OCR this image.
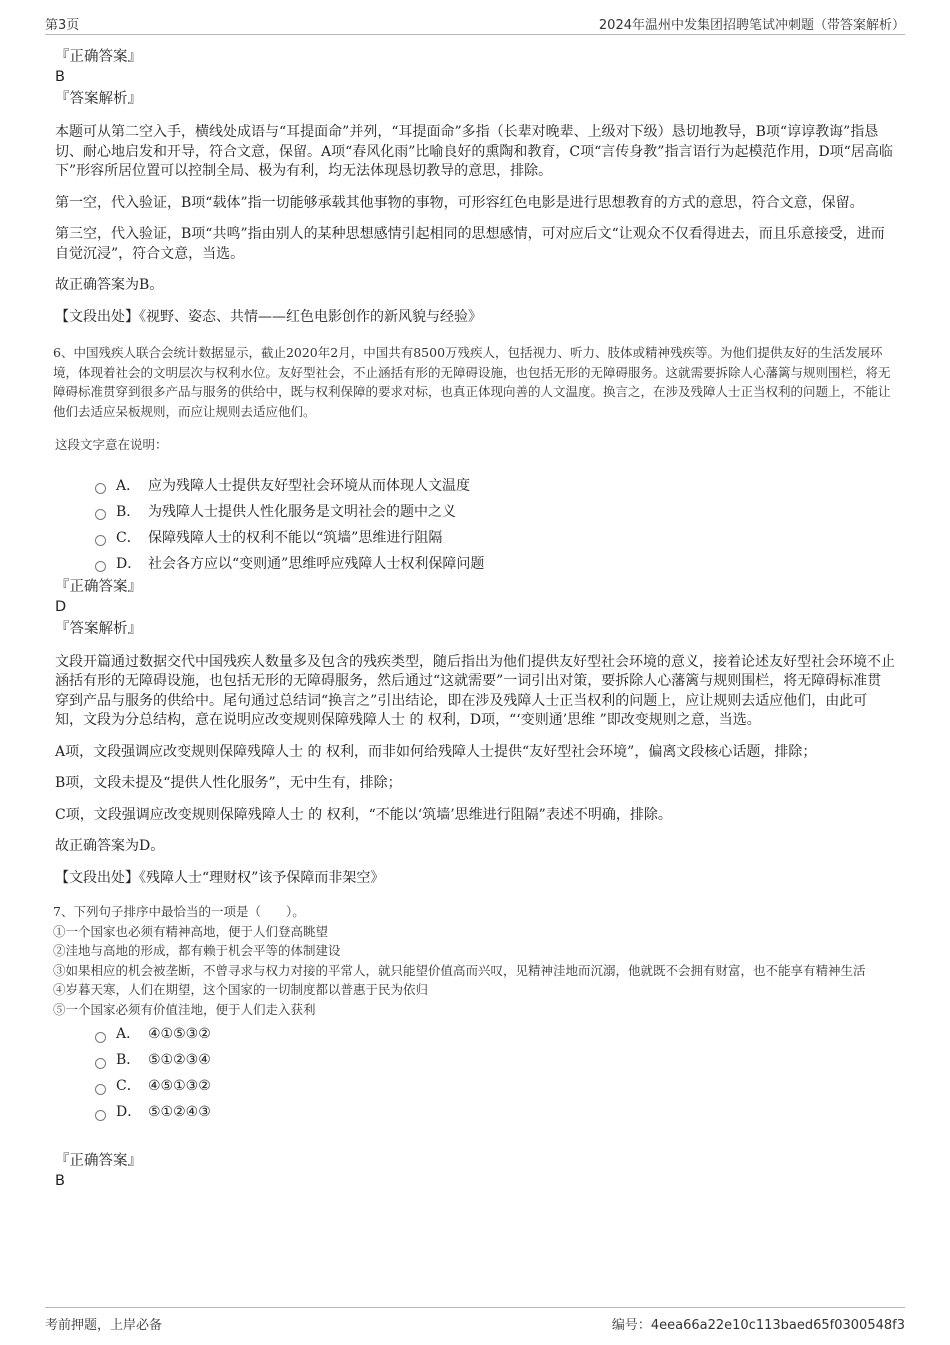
第3页	2024年温州中发集团招聘笔试冲刺题（带答案解析）
『正确答案』
B
『答案解析』

本题可从第二空入手，横线处成语与“耳提面命”并列，“耳提面命”多指（长辈对晚辈、上级对下级）恳切地教导，B项“谆谆教诲”指恳切、耐心地启发和开导，符合文意，保留。A项“春风化雨”比喻良好的熏陶和教育，C项“言传身教”指言语行为起模范作用，D项“居高临下”形容所居位置可以控制全局、极为有利，均无法体现恳切教导的意思，排除。

第一空，代入验证，B项“载体”指一切能够承载其他事物的事物，可形容红色电影是进行思想教育的方式的意思，符合文意，保留。

第三空，代入验证，B项“共鸣”指由别人的某种思想感情引起相同的思想感情，可对应后文“让观众不仅看得进去，而且乐意接受，进而自觉沉浸”，符合文意，当选。

故正确答案为B。

【文段出处】《视野、姿态、共情——红色电影创作的新风貌与经验》

6、中国残疾人联合会统计数据显示，截止2020年2月，中国共有8500万残疾人，包括视力、听力、肢体或精神残疾等。为他们提供友好的生活发展环境，体现着社会的文明层次与权利水位。友好型社会，不止涵括有形的无障碍设施，也包括无形的无障碍服务。这就需要拆除人心藩篱与规则围栏，将无障碍标准贯穿到很多产品与服务的供给中，既与权利保障的要求对标，也真正体现向善的人文温度。换言之，在涉及残障人士正当权利的问题上，不能让他们去适应呆板规则，而应让规则去适应他们。
这段文字意在说明：
A． 应为残障人士提供友好型社会环境从而体现人文温度
B． 为残障人士提供人性化服务是文明社会的题中之义
C． 保障残障人士的权利不能以“筑墙”思维进行阻隔
D． 社会各方应以“变则通”思维呼应残障人士权利保障问题
『正确答案』
D
『答案解析』

文段开篇通过数据交代中国残疾人数量多及包含的残疾类型，随后指出为他们提供友好型社会环境的意义，接着论述友好型社会环境不止涵括有形的无障碍设施，也包括无形的无障碍服务，然后通过“这就需要”一词引出对策，要拆除人心藩篱与规则围栏，将无障碍标准贯穿到产品与服务的供给中。尾句通过总结词“换言之”引出结论，即在涉及残障人士正当权利的问题上，应让规则去适应他们，由此可知，文段为分总结构，意在说明应改变规则保障残障人士 的 权利，D项，“‘变则通’思维 ”即改变规则之意，当选。

A项，文段强调应改变规则保障残障人士 的 权利，而非如何给残障人士提供“友好型社会环境”，偏离文段核心话题，排除；

B项，文段未提及“提供人性化服务”，无中生有，排除；

C项，文段强调应改变规则保障残障人士 的 权利，“不能以‘筑墙’思维进行阻隔”表述不明确，排除。

故正确答案为D。

【文段出处】《残障人士“理财权”该予保障而非架空》

7、下列句子排序中最恰当的一项是（　　）。
①一个国家也必须有精神高地，便于人们登高眺望
②洼地与高地的形成，都有赖于机会平等的体制建设
③如果相应的机会被垄断，不曾寻求与权力对接的平常人，就只能望价值高而兴叹，见精神洼地而沉溺，他就既不会拥有财富，也不能享有精神生活
④岁暮天寒，人们在期望，这个国家的一切制度都以普惠于民为依归
⑤一个国家必须有价值洼地，便于人们走入获利
A． ④①⑤③②
B． ⑤①②③④
C． ④⑤①③②
D． ⑤①②④③
『正确答案』
B
考前押题，上岸必备	编号：4eea66a22e10c113baed65f0300548f3
